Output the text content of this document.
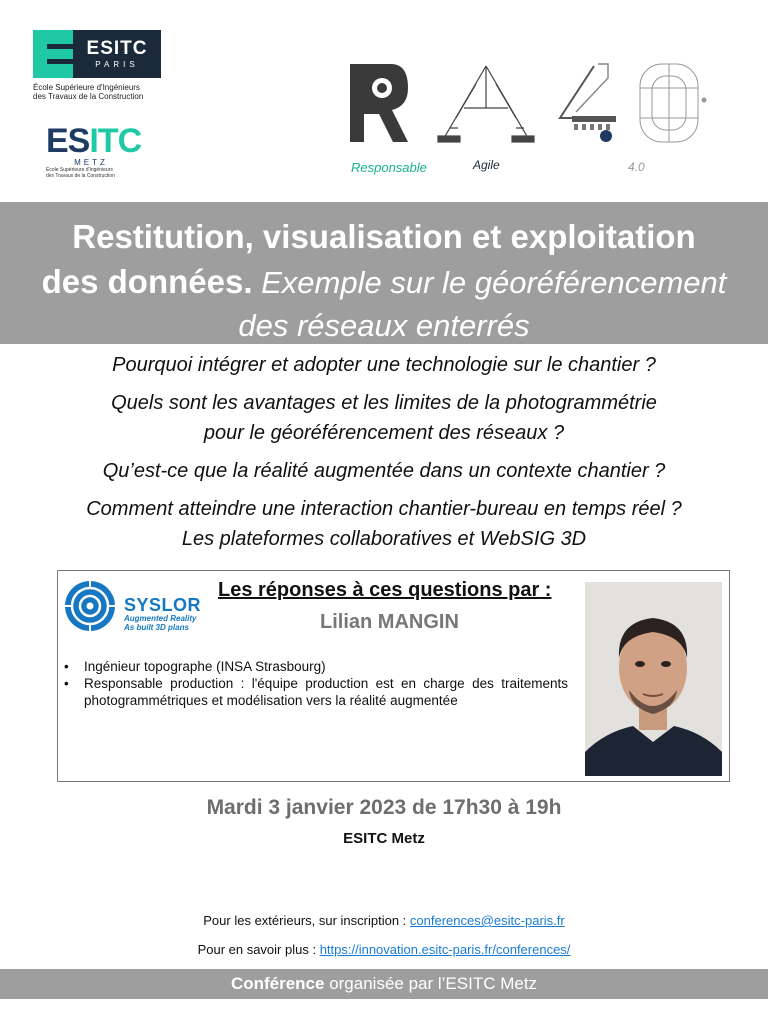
ESITC
PARIS
École Supérieure d'Ingénieurs
des Travaux de la Construction
ESITC
METZ
École Supérieure d'Ingénieurs
des Travaux de la Construction
Responsable	Agile	4.0
Restitution, visualisation et exploitation
des données. Exemple sur le géoréférencement
des réseaux enterrés
Pourquoi intégrer et adopter une technologie sur le chantier ?
Quels sont les avantages et les limites de la photogrammétrie
pour le géoréférencement des réseaux ?
Qu’est-ce que la réalité augmentée dans un contexte chantier ?
Comment atteindre une interaction chantier-bureau en temps réel ?
Les plateformes collaboratives et WebSIG 3D
SYSLOR
Augmented Reality
As built 3D plans
Les réponses à ces questions par :
Lilian MANGIN
• Ingénieur topographe (INSA Strasbourg)
• Responsable production : l'équipe production est en charge des traitements photogrammétriques et modélisation vers la réalité augmentée
Mardi 3 janvier 2023 de 17h30 à 19h
ESITC Metz
Pour les extérieurs, sur inscription : conferences@esitc-paris.fr
Pour en savoir plus : https://innovation.esitc-paris.fr/conferences/
Conférence organisée par l’ESITC Metz
